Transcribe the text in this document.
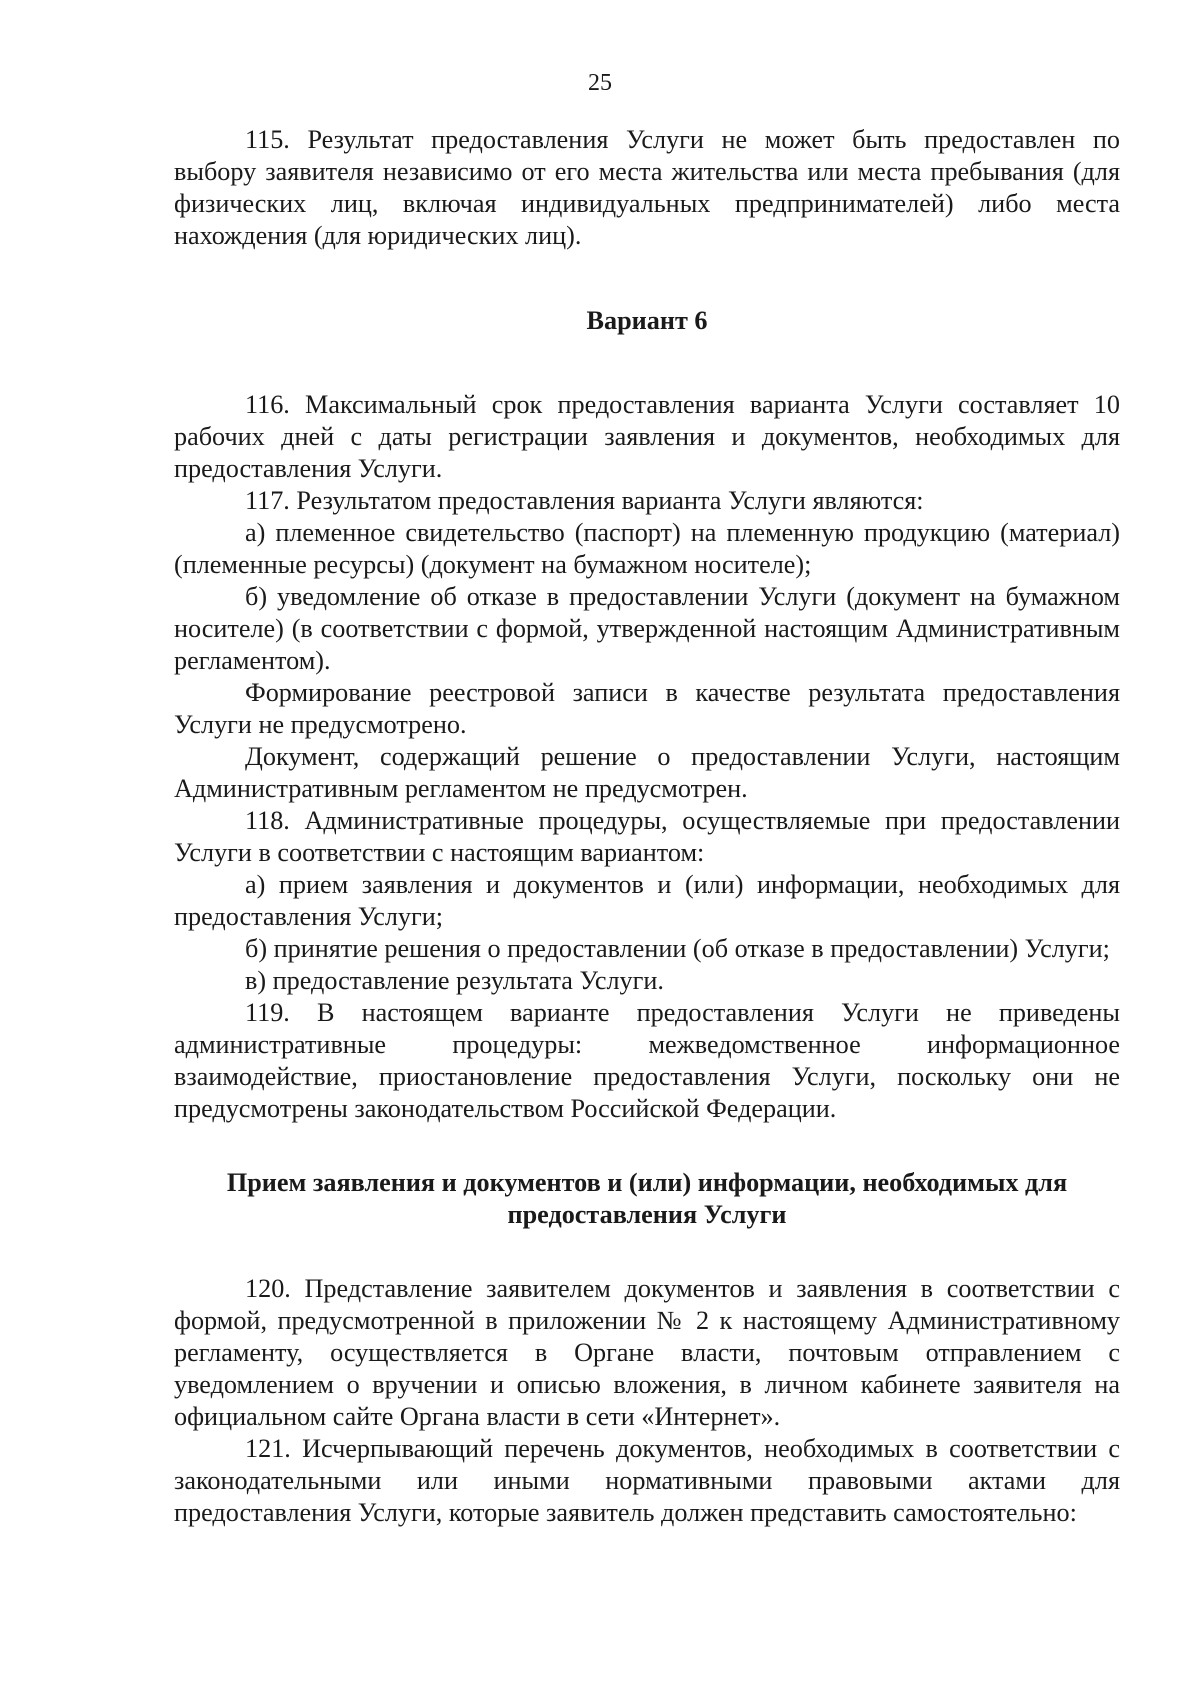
25

115. Результат предоставления Услуги не может быть предоставлен по выбору заявителя независимо от его места жительства или места пребывания (для физических лиц, включая индивидуальных предпринимателей) либо места нахождения (для юридических лиц).

Вариант 6

116. Максимальный срок предоставления варианта Услуги составляет 10 рабочих дней с даты регистрации заявления и документов, необходимых для предоставления Услуги.

117. Результатом предоставления варианта Услуги являются:

а) племенное свидетельство (паспорт) на племенную продукцию (материал) (племенные ресурсы) (документ на бумажном носителе);

б) уведомление об отказе в предоставлении Услуги (документ на бумажном носителе) (в соответствии с формой, утвержденной настоящим Административным регламентом).

Формирование реестровой записи в качестве результата предоставления Услуги не предусмотрено.

Документ, содержащий решение о предоставлении Услуги, настоящим Административным регламентом не предусмотрен.

118. Административные процедуры, осуществляемые при предоставлении Услуги в соответствии с настоящим вариантом:

а) прием заявления и документов и (или) информации, необходимых для предоставления Услуги;

б) принятие решения о предоставлении (об отказе в предоставлении) Услуги;

в) предоставление результата Услуги.

119. В настоящем варианте предоставления Услуги не приведены административные процедуры: межведомственное информационное взаимодействие, приостановление предоставления Услуги, поскольку они не предусмотрены законодательством Российской Федерации.

Прием заявления и документов и (или) информации, необходимых для
предоставления Услуги

120. Представление заявителем документов и заявления в соответствии с формой, предусмотренной в приложении № 2 к настоящему Административному регламенту, осуществляется в Органе власти, почтовым отправлением с уведомлением о вручении и описью вложения, в личном кабинете заявителя на официальном сайте Органа власти в сети «Интернет».

121. Исчерпывающий перечень документов, необходимых в соответствии с законодательными или иными нормативными правовыми актами для предоставления Услуги, которые заявитель должен представить самостоятельно:
